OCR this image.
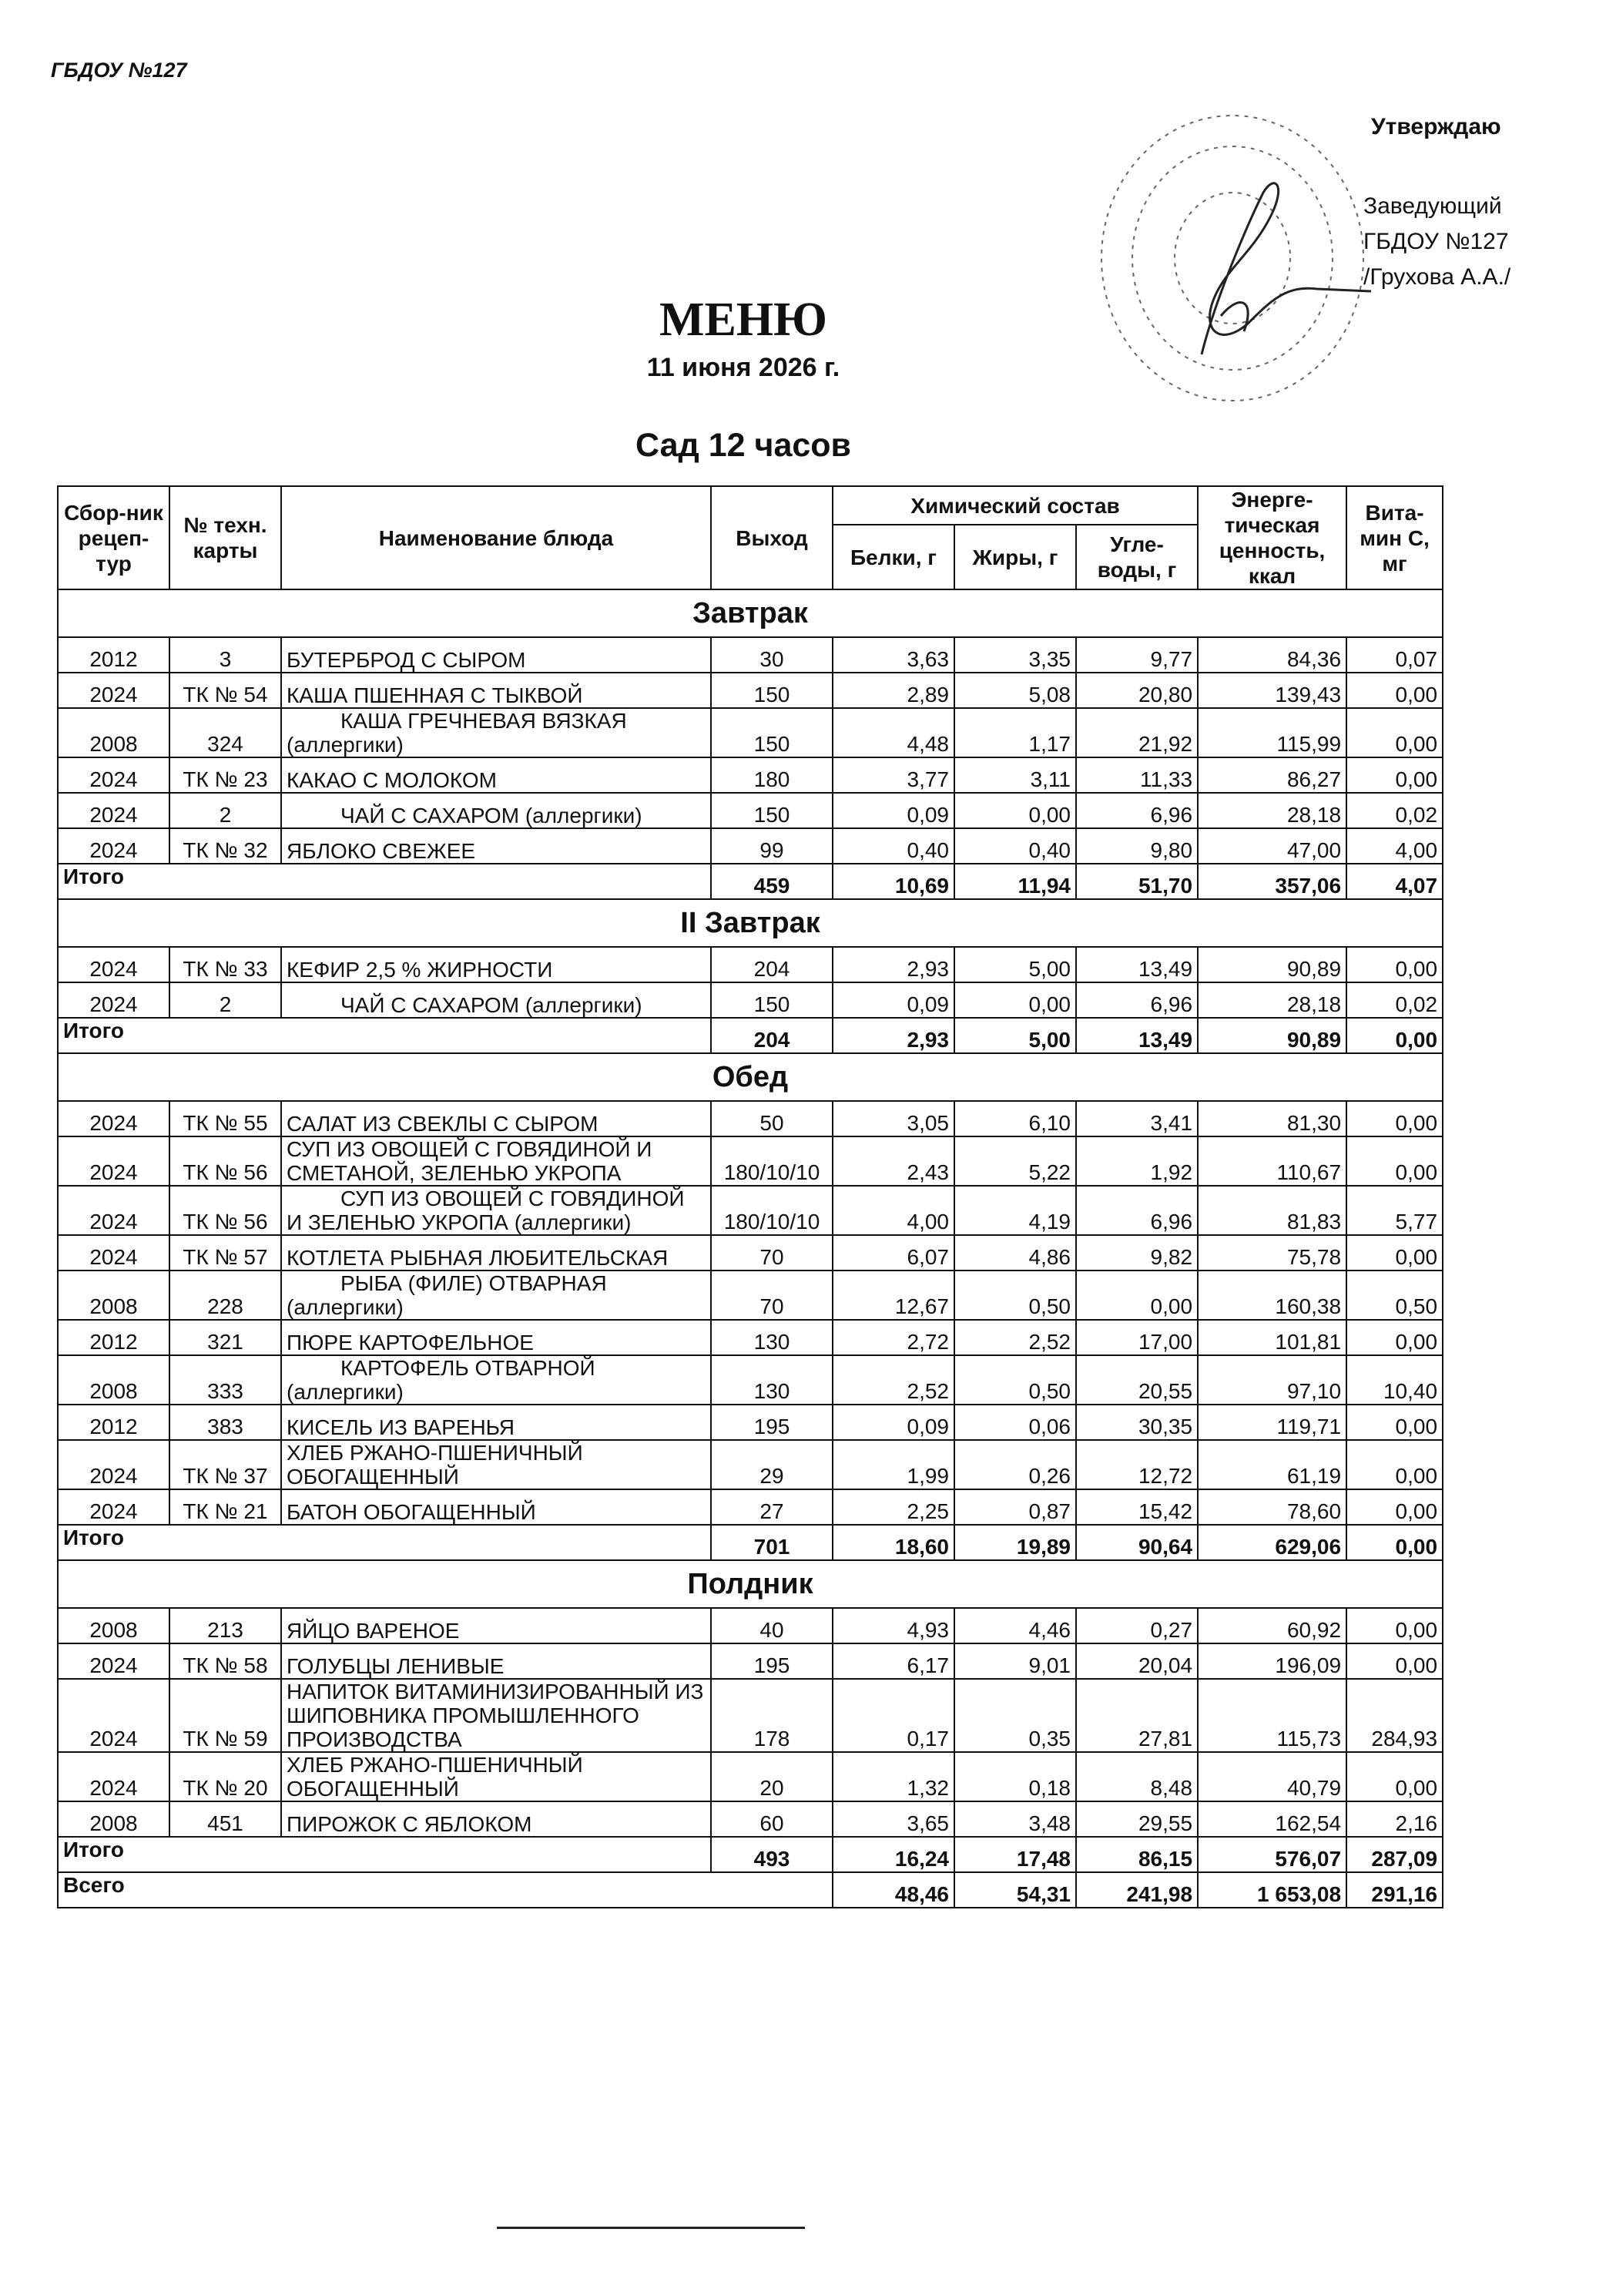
ГБДОУ №127
Утверждаю
Заведующий
ГБДОУ №127
/Грухова А.А./
МЕНЮ
11 июня 2026 г.
Сад 12 часов
Сбор-ник рецеп-тур	№ техн. карты	Наименование блюда	Выход	Химический состав			Энерге-тическая ценность, ккал	Вита-мин С, мг
				Белки, г	Жиры, г	Угле-воды, г		
Завтрак								
2012	3	БУТЕРБРОД С СЫРОМ	30	3,63	3,35	9,77	84,36	0,07
2024	ТК № 54	КАША ПШЕННАЯ С ТЫКВОЙ	150	2,89	5,08	20,80	139,43	0,00
2008	324	КАША ГРЕЧНЕВАЯ ВЯЗКАЯ (аллергики)	150	4,48	1,17	21,92	115,99	0,00
2024	ТК № 23	КАКАО С МОЛОКОМ	180	3,77	3,11	11,33	86,27	0,00
2024	2	ЧАЙ С САХАРОМ (аллергики)	150	0,09	0,00	6,96	28,18	0,02
2024	ТК № 32	ЯБЛОКО СВЕЖЕЕ	99	0,40	0,40	9,80	47,00	4,00
Итого			459	10,69	11,94	51,70	357,06	4,07
II Завтрак								
2024	ТК № 33	КЕФИР 2,5 % ЖИРНОСТИ	204	2,93	5,00	13,49	90,89	0,00
2024	2	ЧАЙ С САХАРОМ (аллергики)	150	0,09	0,00	6,96	28,18	0,02
Итого			204	2,93	5,00	13,49	90,89	0,00
Обед								
2024	ТК № 55	САЛАТ ИЗ СВЕКЛЫ С СЫРОМ	50	3,05	6,10	3,41	81,30	0,00
2024	ТК № 56	СУП ИЗ ОВОЩЕЙ С ГОВЯДИНОЙ И СМЕТАНОЙ, ЗЕЛЕНЬЮ УКРОПА	180/10/10	2,43	5,22	1,92	110,67	0,00
2024	ТК № 56	СУП ИЗ ОВОЩЕЙ С ГОВЯДИНОЙ И ЗЕЛЕНЬЮ УКРОПА (аллергики)	180/10/10	4,00	4,19	6,96	81,83	5,77
2024	ТК № 57	КОТЛЕТА РЫБНАЯ ЛЮБИТЕЛЬСКАЯ	70	6,07	4,86	9,82	75,78	0,00
2008	228	РЫБА (ФИЛЕ) ОТВАРНАЯ (аллергики)	70	12,67	0,50	0,00	160,38	0,50
2012	321	ПЮРЕ КАРТОФЕЛЬНОЕ	130	2,72	2,52	17,00	101,81	0,00
2008	333	КАРТОФЕЛЬ ОТВАРНОЙ (аллергики)	130	2,52	0,50	20,55	97,10	10,40
2012	383	КИСЕЛЬ ИЗ ВАРЕНЬЯ	195	0,09	0,06	30,35	119,71	0,00
2024	ТК № 37	ХЛЕБ РЖАНО-ПШЕНИЧНЫЙ ОБОГАЩЕННЫЙ	29	1,99	0,26	12,72	61,19	0,00
2024	ТК № 21	БАТОН ОБОГАЩЕННЫЙ	27	2,25	0,87	15,42	78,60	0,00
Итого			701	18,60	19,89	90,64	629,06	0,00
Полдник								
2008	213	ЯЙЦО ВАРЕНОЕ	40	4,93	4,46	0,27	60,92	0,00
2024	ТК № 58	ГОЛУБЦЫ ЛЕНИВЫЕ	195	6,17	9,01	20,04	196,09	0,00
2024	ТК № 59	НАПИТОК ВИТАМИНИЗИРОВАННЫЙ ИЗ ШИПОВНИКА ПРОМЫШЛЕННОГО ПРОИЗВОДСТВА	178	0,17	0,35	27,81	115,73	284,93
2024	ТК № 20	ХЛЕБ РЖАНО-ПШЕНИЧНЫЙ ОБОГАЩЕННЫЙ	20	1,32	0,18	8,48	40,79	0,00
2008	451	ПИРОЖОК С ЯБЛОКОМ	60	3,65	3,48	29,55	162,54	2,16
Итого			493	16,24	17,48	86,15	576,07	287,09
Всего				48,46	54,31	241,98	1 653,08	291,16
